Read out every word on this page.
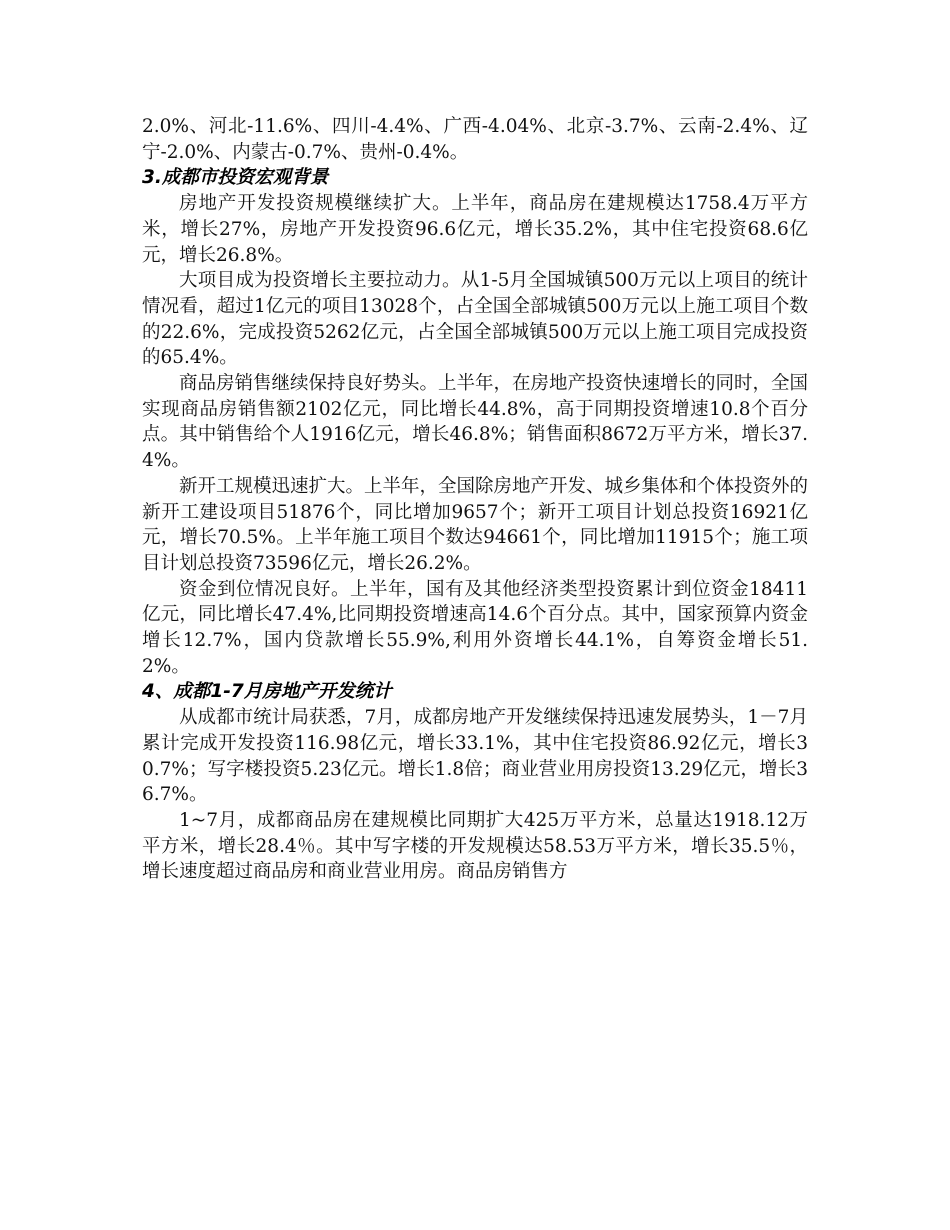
2.0%、河北-11.6%、四川-4.4%、广西-4.04%、北京-3.7%、云南-2.4%、辽宁-2.0%、内蒙古-0.7%、贵州-0.4%。

3.成都市投资宏观背景

房地产开发投资规模继续扩大。上半年，商品房在建规模达1758.4万平方米，增长27%，房地产开发投资96.6亿元，增长35.2%，其中住宅投资68.6亿元，增长26.8%。

大项目成为投资增长主要拉动力。从1-5月全国城镇500万元以上项目的统计情况看，超过1亿元的项目13028个，占全国全部城镇500万元以上施工项目个数的22.6%，完成投资5262亿元，占全国全部城镇500万元以上施工项目完成投资的65.4%。

商品房销售继续保持良好势头。上半年，在房地产投资快速增长的同时，全国实现商品房销售额2102亿元，同比增长44.8%，高于同期投资增速10.8个百分点。其中销售给个人1916亿元，增长46.8%；销售面积8672万平方米，增长37.4%。

新开工规模迅速扩大。上半年，全国除房地产开发、城乡集体和个体投资外的新开工建设项目51876个，同比增加9657个；新开工项目计划总投资16921亿元，增长70.5%。上半年施工项目个数达94661个，同比增加11915个；施工项目计划总投资73596亿元，增长26.2%。

资金到位情况良好。上半年，国有及其他经济类型投资累计到位资金18411亿元，同比增长47.4%,比同期投资增速高14.6个百分点。其中，国家预算内资金增长12.7%，国内贷款增长55.9%,利用外资增长44.1%，自筹资金增长51.2%。

4、成都1-7月房地产开发统计

从成都市统计局获悉，7月，成都房地产开发继续保持迅速发展势头，1－7月累计完成开发投资116.98亿元，增长33.1%，其中住宅投资86.92亿元，增长30.7%；写字楼投资5.23亿元。增长1.8倍；商业营业用房投资13.29亿元，增长36.7%。

1~7月，成都商品房在建规模比同期扩大425万平方米，总量达1918.12万平方米，增长28.4％。其中写字楼的开发规模达58.53万平方米，增长35.5％，增长速度超过商品房和商业营业用房。商品房销售方
